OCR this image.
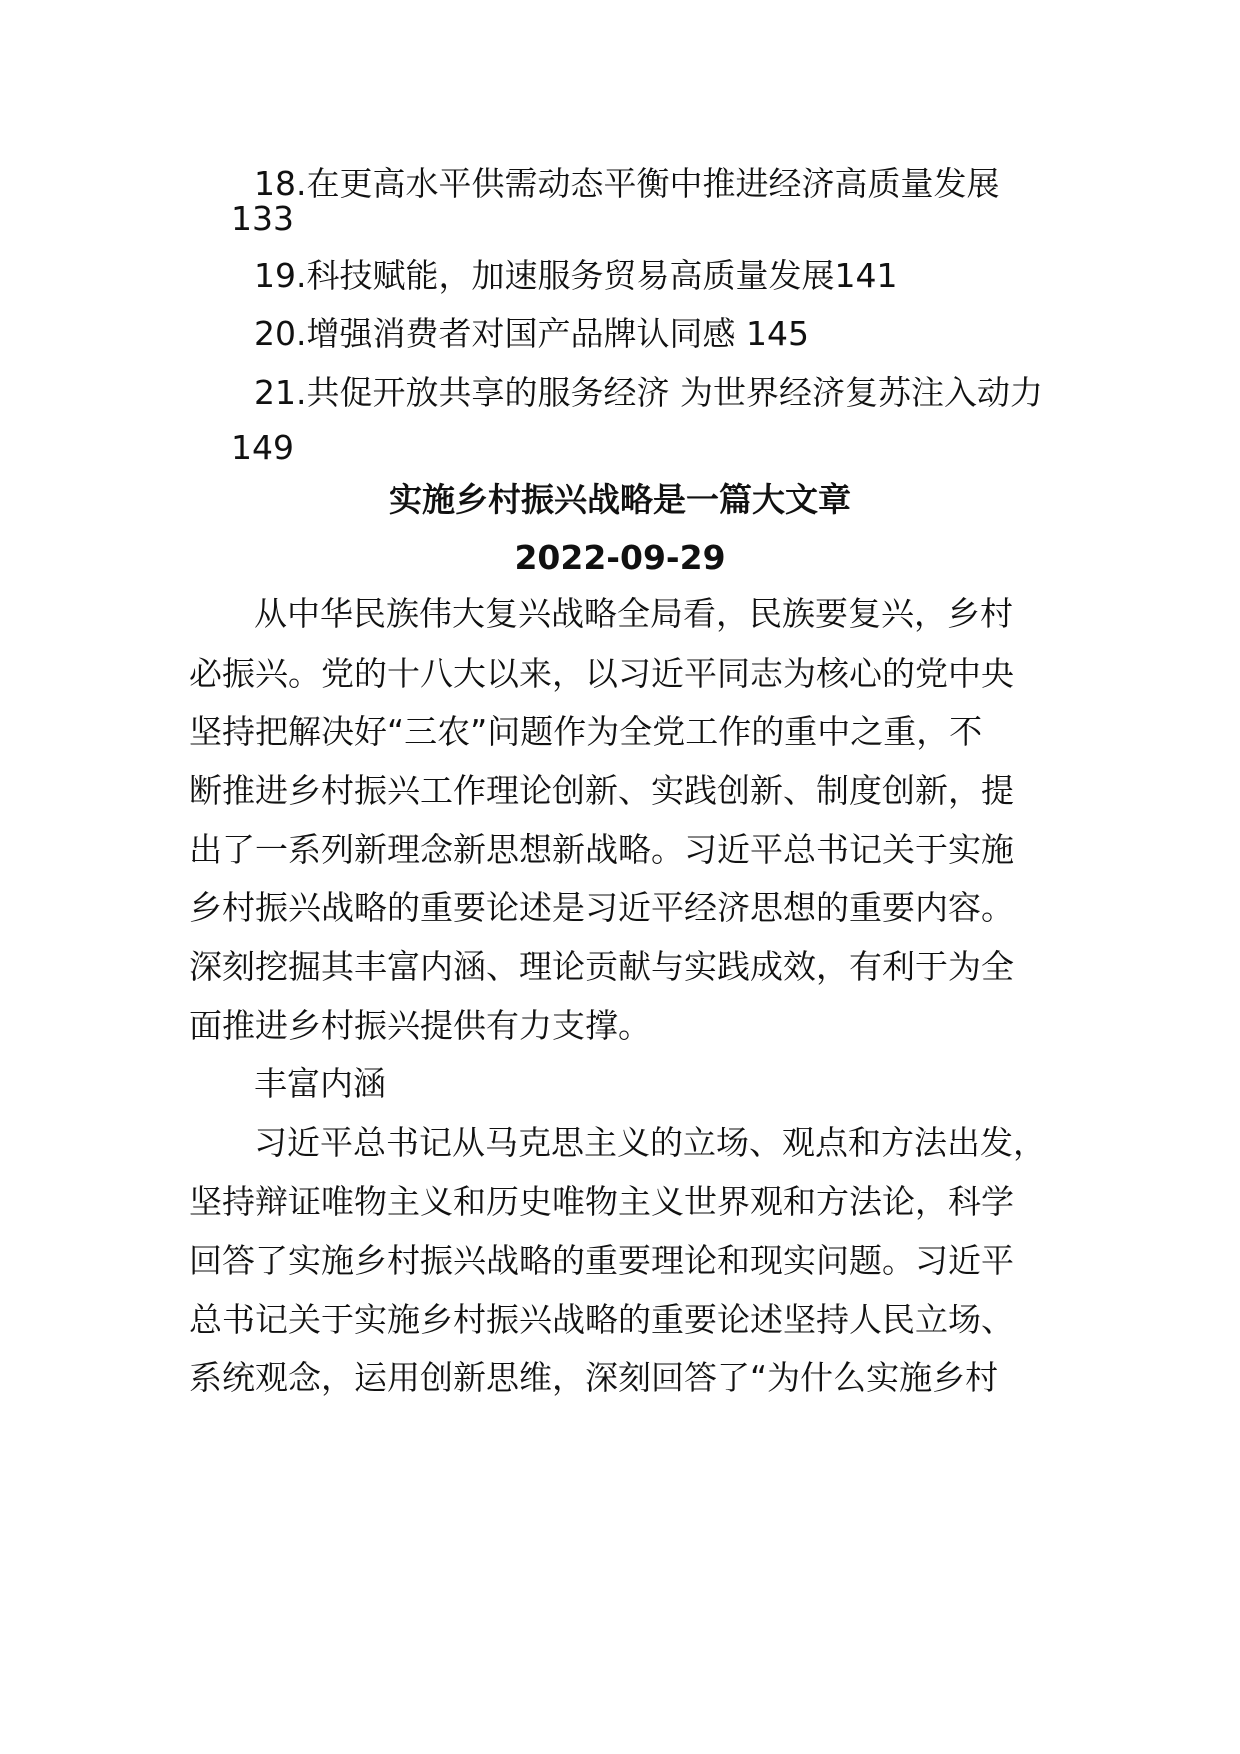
18.在更高水平供需动态平衡中推进经济高质量发展
133
19.科技赋能，加速服务贸易高质量发展141
20.增强消费者对国产品牌认同感 145
21.共促开放共享的服务经济 为世界经济复苏注入动力
149
实施乡村振兴战略是一篇大文章
2022-09-29
从中华民族伟大复兴战略全局看，民族要复兴，乡村
必振兴。党的十八大以来，以习近平同志为核心的党中央
坚持把解决好“三农”问题作为全党工作的重中之重，不
断推进乡村振兴工作理论创新、实践创新、制度创新，提
出了一系列新理念新思想新战略。习近平总书记关于实施
乡村振兴战略的重要论述是习近平经济思想的重要内容。
深刻挖掘其丰富内涵、理论贡献与实践成效，有利于为全
面推进乡村振兴提供有力支撑。
丰富内涵
习近平总书记从马克思主义的立场、观点和方法出发，
坚持辩证唯物主义和历史唯物主义世界观和方法论，科学
回答了实施乡村振兴战略的重要理论和现实问题。习近平
总书记关于实施乡村振兴战略的重要论述坚持人民立场、
系统观念，运用创新思维，深刻回答了“为什么实施乡村
